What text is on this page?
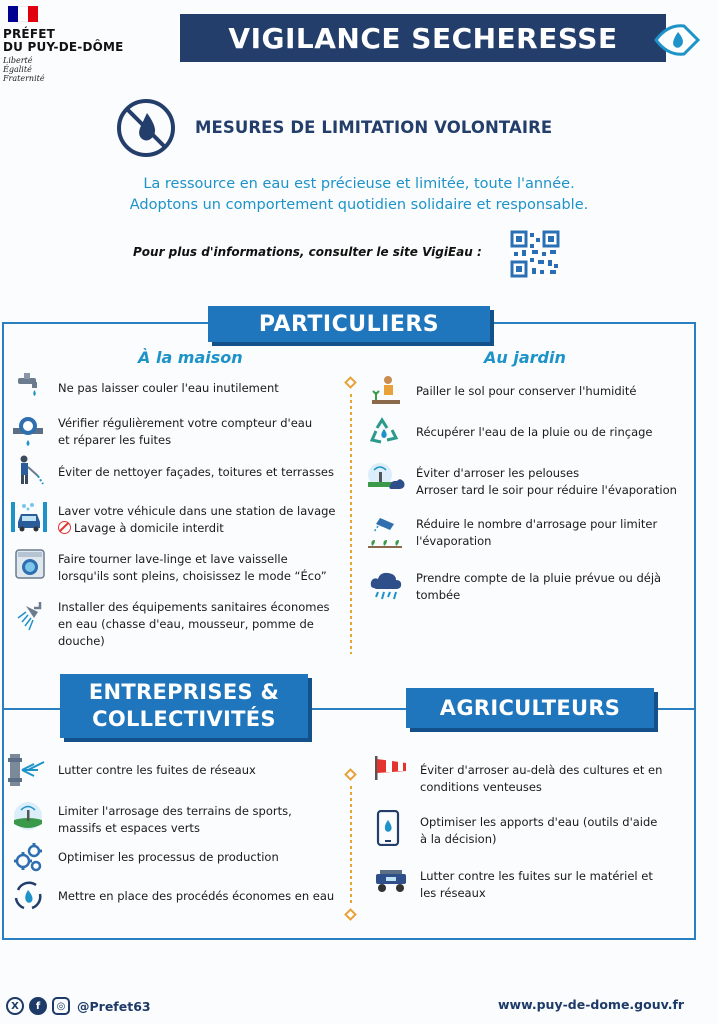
PRÉFET
DU PUY-DE-DÔME
Liberté
Égalité
Fraternité
VIGILANCE SECHERESSE
MESURES DE LIMITATION VOLONTAIRE
La ressource en eau est précieuse et limitée, toute l'année.
Adoptons un comportement quotidien solidaire et responsable.
Pour plus d'informations, consulter le site VigiEau :
PARTICULIERS
À la maison	Au jardin
Ne pas laisser couler l'eau inutilement
Vérifier régulièrement votre compteur d'eau
et réparer les fuites
Éviter de nettoyer façades, toitures et terrasses
Laver votre véhicule dans une station de lavage
Lavage à domicile interdit
Faire tourner lave-linge et lave vaisselle
lorsqu'ils sont pleins, choisissez le mode “Éco”
Installer des équipements sanitaires économes
en eau (chasse d'eau, mousseur, pomme de
douche)
Pailler le sol pour conserver l'humidité
Récupérer l'eau de la pluie ou de rinçage
Éviter d'arroser les pelouses
Arroser tard le soir pour réduire l'évaporation
Réduire le nombre d'arrosage pour limiter
l'évaporation
Prendre compte de la pluie prévue ou déjà
tombée
ENTREPRISES &
COLLECTIVITÉS
Lutter contre les fuites de réseaux
Limiter l'arrosage des terrains de sports,
massifs et espaces verts
Optimiser les processus de production
Mettre en place des procédés économes en eau
AGRICULTEURS
Éviter d'arroser au-delà des cultures et en
conditions venteuses
Optimiser les apports d'eau (outils d'aide
à la décision)
Lutter contre les fuites sur le matériel et
les réseaux
X	f	◎ @Prefet63	www.puy-de-dome.gouv.fr
